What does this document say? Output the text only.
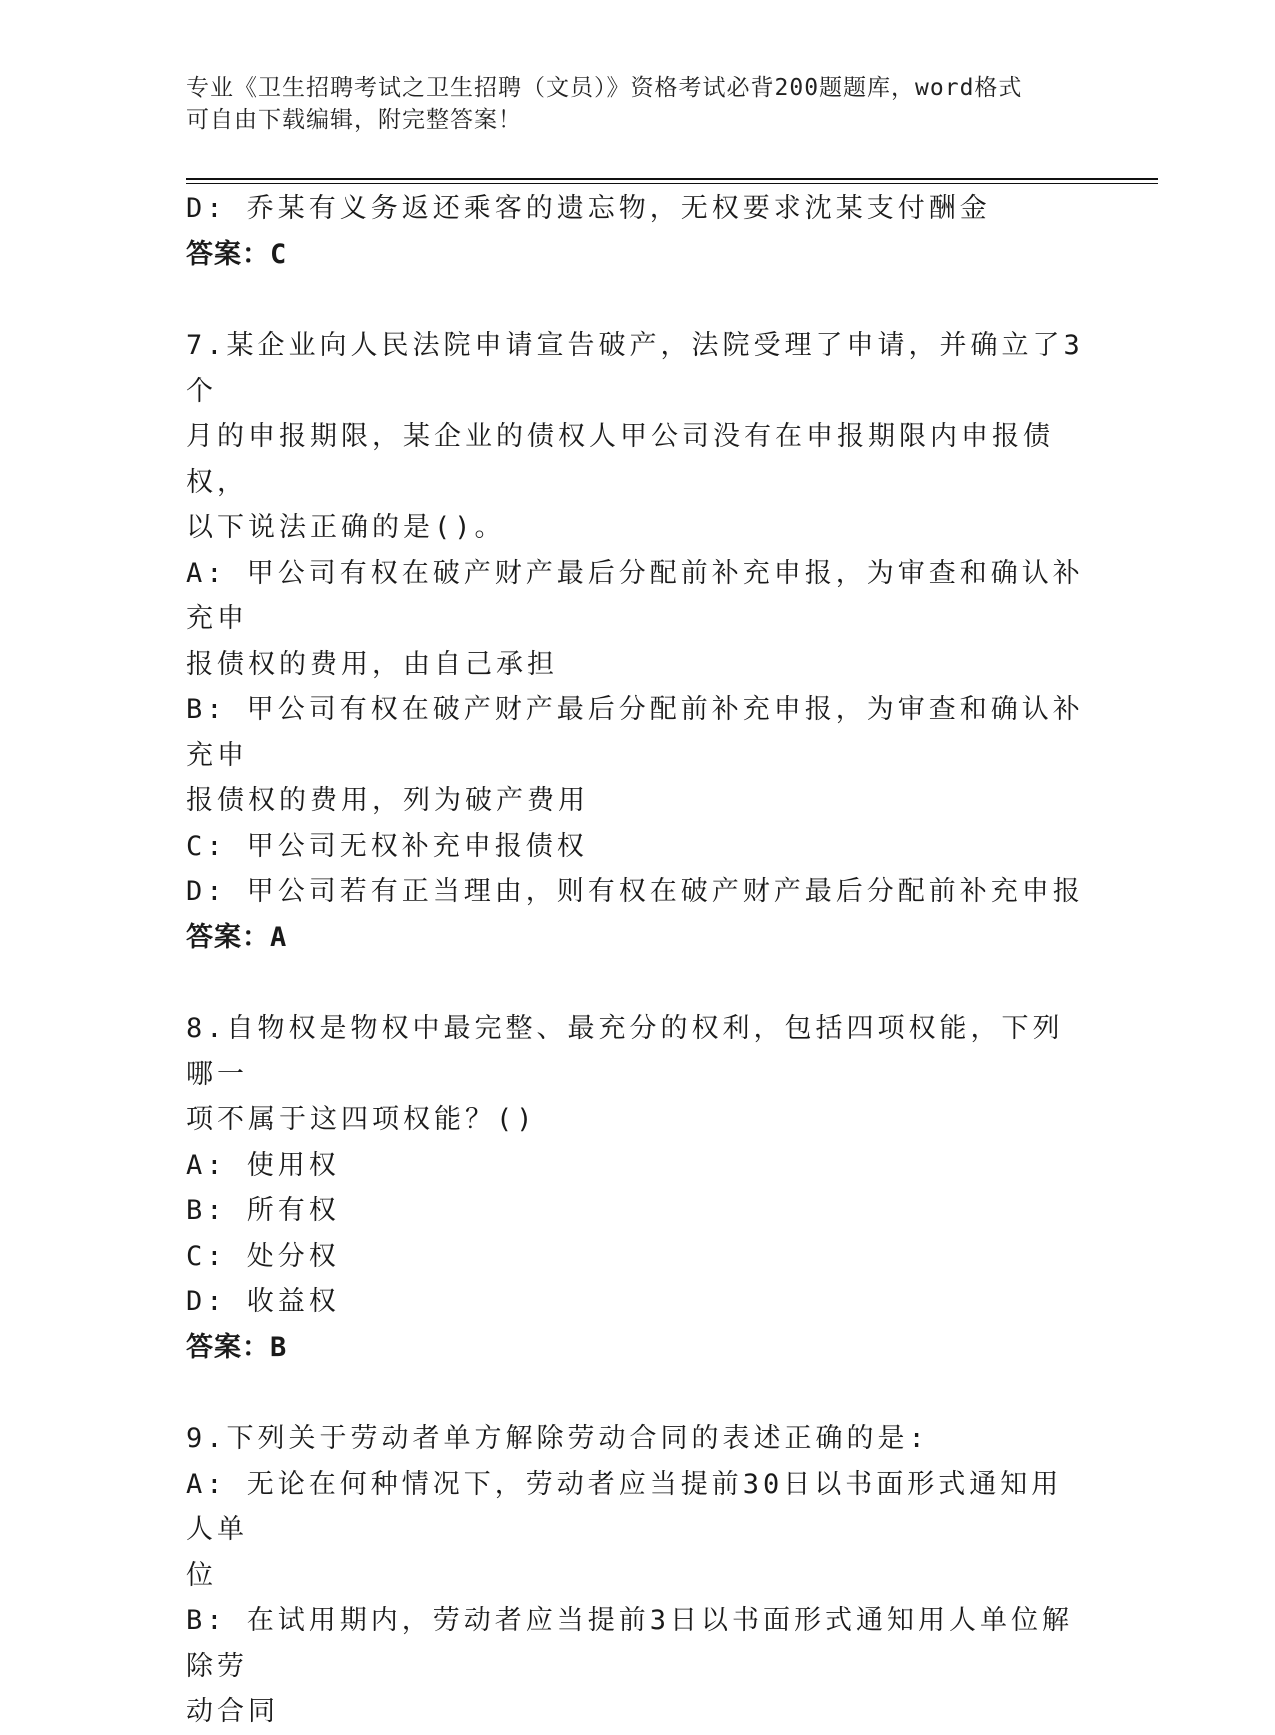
专业《卫生招聘考试之卫生招聘（文员）》资格考试必背200题题库，word格式
可自由下载编辑，附完整答案！
D: 乔某有义务返还乘客的遗忘物，无权要求沈某支付酬金
答案：C
7.某企业向人民法院申请宣告破产，法院受理了申请，并确立了3个
月的申报期限，某企业的债权人甲公司没有在申报期限内申报债权，
以下说法正确的是()。
A: 甲公司有权在破产财产最后分配前补充申报，为审查和确认补充申
报债权的费用，由自己承担
B: 甲公司有权在破产财产最后分配前补充申报，为审查和确认补充申
报债权的费用，列为破产费用
C: 甲公司无权补充申报债权
D: 甲公司若有正当理由，则有权在破产财产最后分配前补充申报
答案：A
8.自物权是物权中最完整、最充分的权利，包括四项权能，下列哪一
项不属于这四项权能？()
A: 使用权
B: 所有权
C: 处分权
D: 收益权
答案：B
9.下列关于劳动者单方解除劳动合同的表述正确的是:
A: 无论在何种情况下，劳动者应当提前30日以书面形式通知用人单
位
B: 在试用期内，劳动者应当提前3日以书面形式通知用人单位解除劳
动合同
